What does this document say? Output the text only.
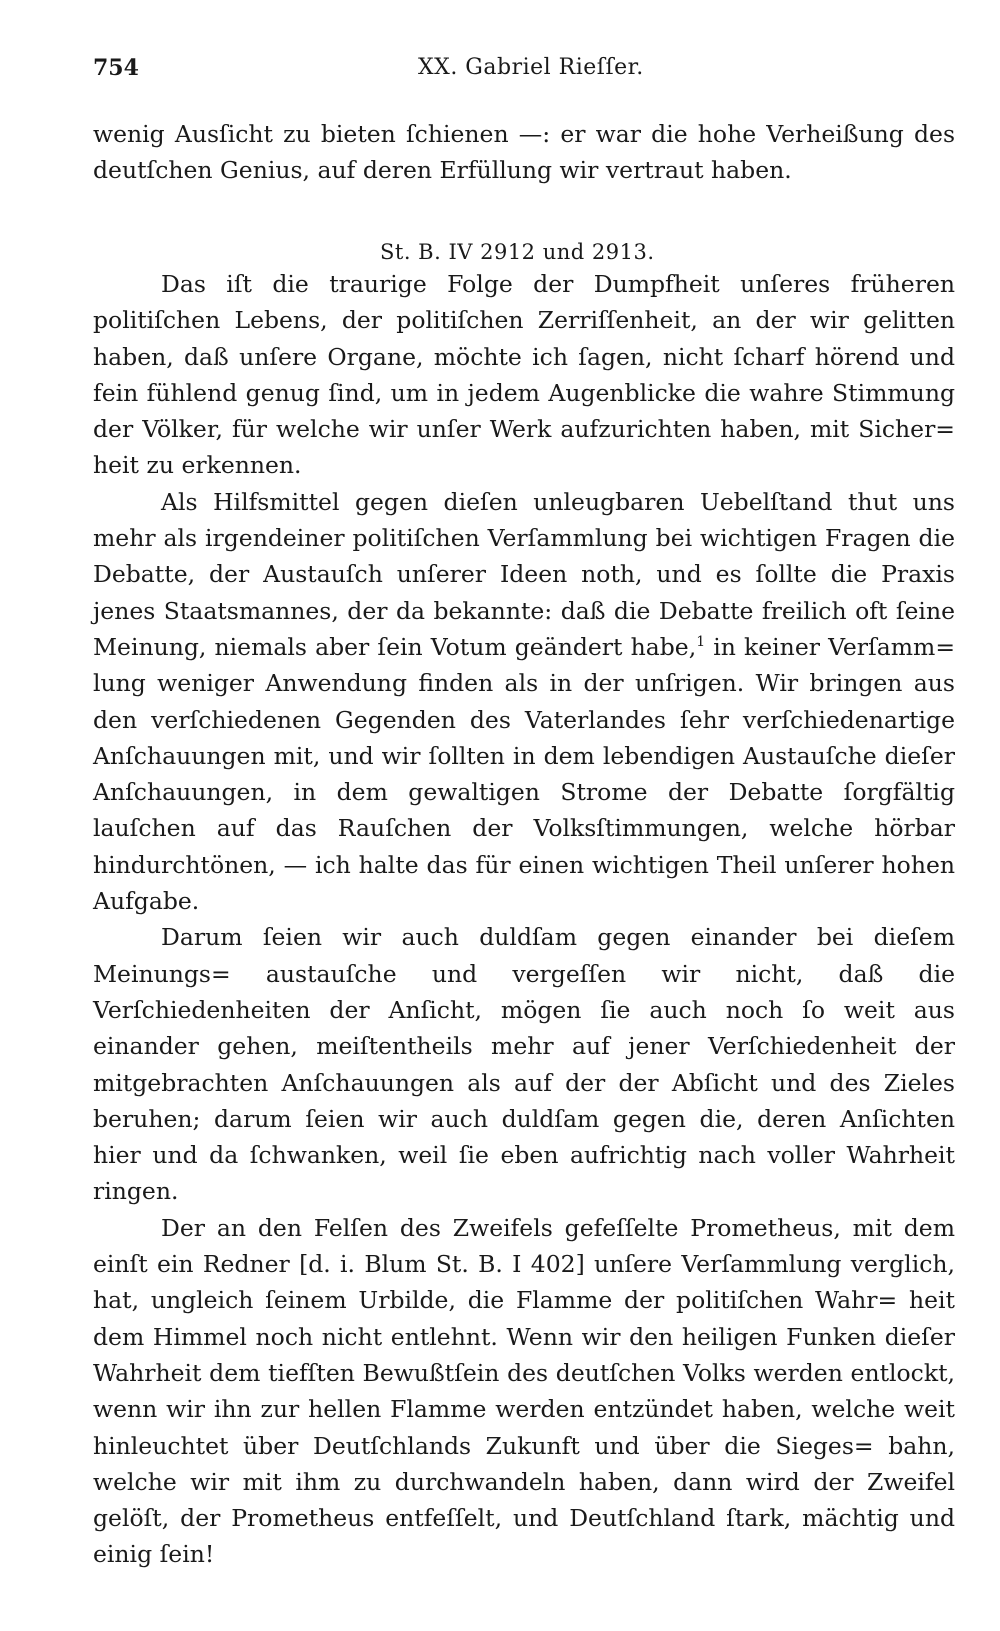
754	XX. Gabriel Rieſſer.

wenig Ausſicht zu bieten ſchienen —: er war die hohe Verheißung des deutſchen Genius, auf deren Erfüllung wir vertraut haben.

St. B. IV 2912 und 2913.

Das iſt die traurige Folge der Dumpfheit unſeres früheren politiſchen Lebens, der politiſchen Zerriſſenheit, an der wir gelitten haben, daß unſere Organe, möchte ich ſagen, nicht ſcharf hörend und fein fühlend genug ſind, um in jedem Augenblicke die wahre Stimmung der Völker, für welche wir unſer Werk aufzurichten haben, mit Sicher= heit zu erkennen.

Als Hilfsmittel gegen dieſen unleugbaren Uebelſtand thut uns mehr als irgendeiner politiſchen Verſammlung bei wichtigen Fragen die Debatte, der Austauſch unſerer Ideen noth, und es ſollte die Praxis jenes Staatsmannes, der da bekannte: daß die Debatte freilich oft ſeine Meinung, niemals aber ſein Votum geändert habe,$^1$ in keiner Verſamm= lung weniger Anwendung finden als in der unſrigen. Wir bringen aus den verſchiedenen Gegenden des Vaterlandes ſehr verſchiedenartige Anſchauungen mit, und wir ſollten in dem lebendigen Austauſche dieſer Anſchauungen, in dem gewaltigen Strome der Debatte ſorgfältig lauſchen auf das Rauſchen der Volksſtimmungen, welche hörbar hindurchtönen, — ich halte das für einen wichtigen Theil unſerer hohen Aufgabe.

Darum ſeien wir auch duldſam gegen einander bei dieſem Meinungs= austauſche und vergeſſen wir nicht, daß die Verſchiedenheiten der Anſicht, mögen ſie auch noch ſo weit aus einander gehen, meiſtentheils mehr auf jener Verſchiedenheit der mitgebrachten Anſchauungen als auf der der Abſicht und des Zieles beruhen; darum ſeien wir auch duldſam gegen die, deren Anſichten hier und da ſchwanken, weil ſie eben aufrichtig nach voller Wahrheit ringen.

Der an den Felſen des Zweifels gefeſſelte Prometheus, mit dem einſt ein Redner [d. i. Blum St. B. I 402] unſere Verſammlung verglich, hat, ungleich ſeinem Urbilde, die Flamme der politiſchen Wahr= heit dem Himmel noch nicht entlehnt. Wenn wir den heiligen Funken dieſer Wahrheit dem tiefſten Bewußtſein des deutſchen Volks werden entlockt, wenn wir ihn zur hellen Flamme werden entzündet haben, welche weit hinleuchtet über Deutſchlands Zukunft und über die Sieges= bahn, welche wir mit ihm zu durchwandeln haben, dann wird der Zweifel gelöſt, der Prometheus entfeſſelt, und Deutſchland ſtark, mächtig und einig ſein!
